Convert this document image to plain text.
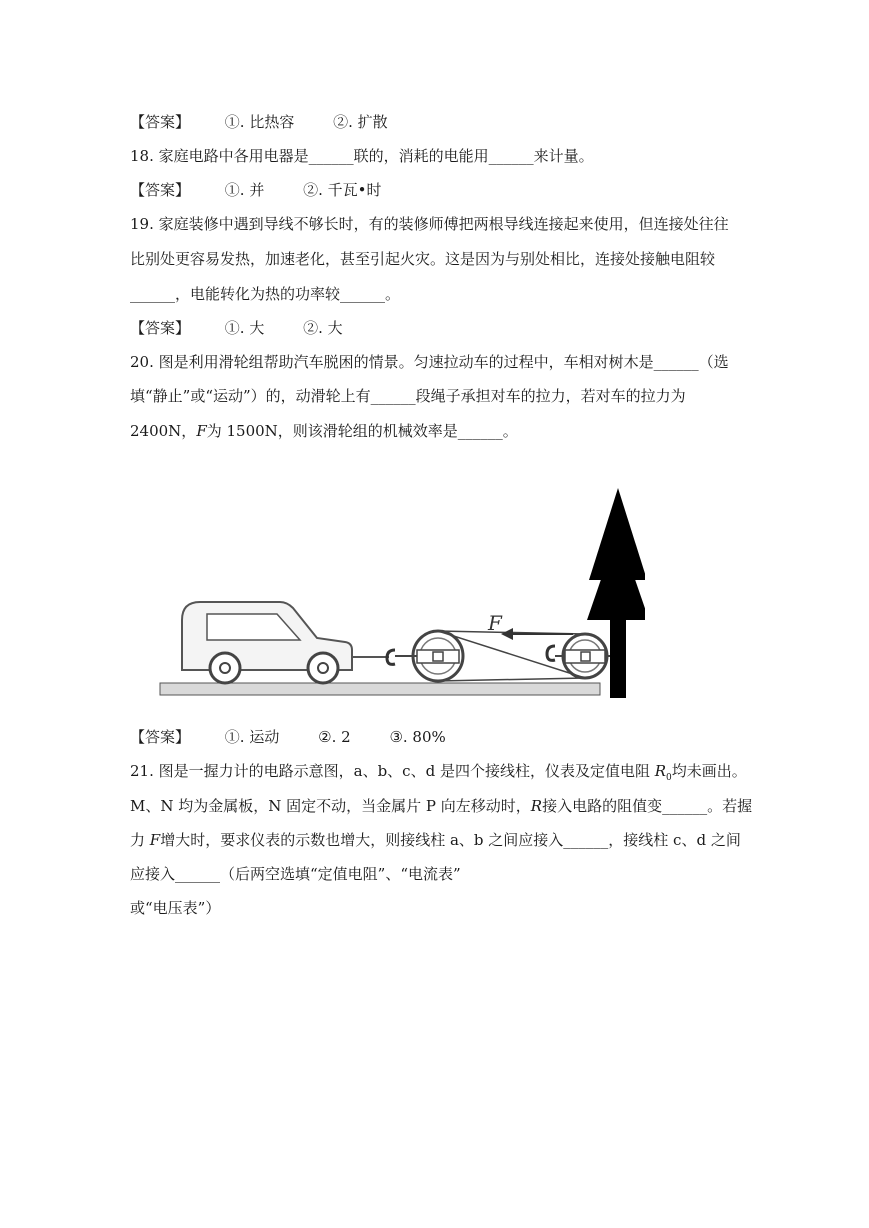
【答案】 ①. 比热容	②. 扩散
18. 家庭电路中各用电器是______联的，消耗的电能用______来计量。
【答案】 ①. 并	②. 千瓦•时
19. 家庭装修中遇到导线不够长时，有的装修师傅把两根导线连接起来使用，但连接处往往
比别处更容易发热，加速老化，甚至引起火灾。这是因为与别处相比，连接处接触电阻较
______，电能转化为热的功率较______。
【答案】 ①. 大	②. 大
20. 图是利用滑轮组帮助汽车脱困的情景。匀速拉动车的过程中，车相对树木是______（选
填“静止”或“运动”）的，动滑轮上有______段绳子承担对车的拉力，若对车的拉力为
2400N，F为 1500N，则该滑轮组的机械效率是______。
F
【答案】 ①. 运动	②. 2	③. 80%
21. 图是一握力计的电路示意图，a、b、c、d 是四个接线柱，仪表及定值电阻 $R_0$均未画出。
M、N 均为金属板，N 固定不动，当金属片 P 向左移动时，R接入电路的阻值变______。若握
力 F增大时，要求仪表的示数也增大，则接线柱 a、b 之间应接入______，接线柱 c、d 之间
应接入______（后两空选填“定值电阻”、“电流表”
或“电压表”）
